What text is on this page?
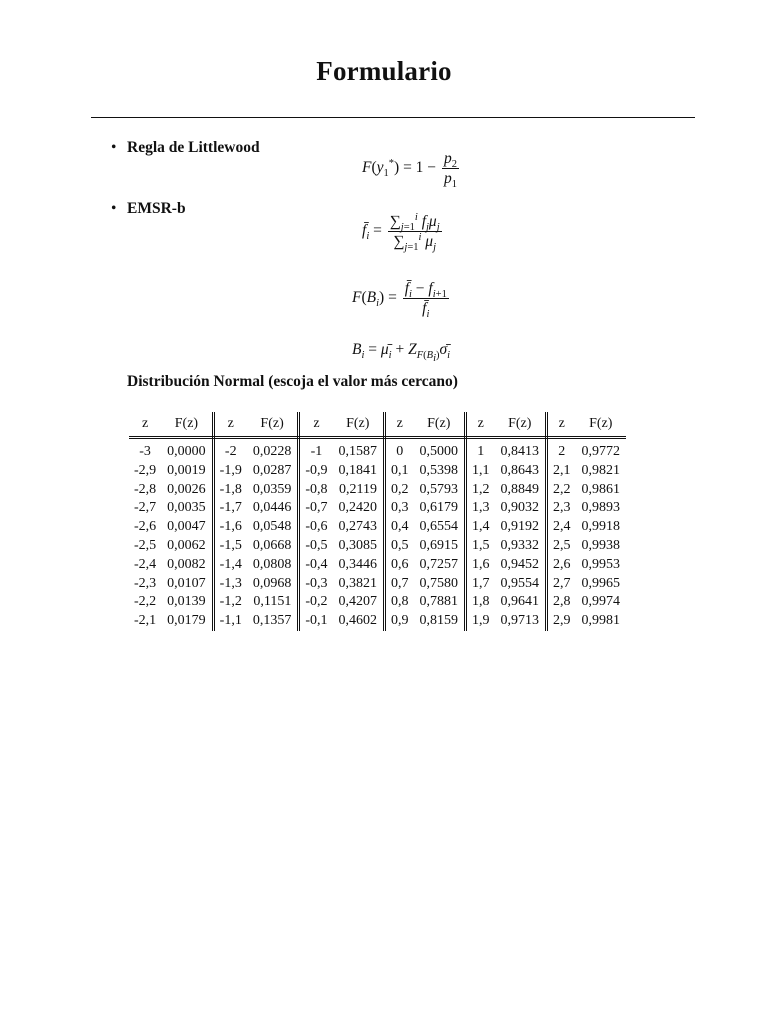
Formulario
• Regla de Littlewood
$F(y_1^*) = 1 - \frac{p_2}{p_1}$
• EMSR-b
$f̄_i = \frac{\sum_{j=1}^i f_j\mu_j}{\sum_{j=1}^i \mu_j}$
$F(B_i) = \frac{f̄_i - f_{i+1}}{f̄_i}$
$B_i$ = $\mū_i$ + $Z_{F(B_i)}\sigmā_i$
Distribución Normal (escoja el valor más cercano)
z	F(z)	z	F(z)	z	F(z)	z	F(z)	z	F(z)	z	F(z)
-3	0,0000	-2	0,0228	-1	0,1587	0	0,5000	1	0,8413	2	0,9772
-2,9	0,0019	-1,9	0,0287	-0,9	0,1841	0,1	0,5398	1,1	0,8643	2,1	0,9821
-2,8	0,0026	-1,8	0,0359	-0,8	0,2119	0,2	0,5793	1,2	0,8849	2,2	0,9861
-2,7	0,0035	-1,7	0,0446	-0,7	0,2420	0,3	0,6179	1,3	0,9032	2,3	0,9893
-2,6	0,0047	-1,6	0,0548	-0,6	0,2743	0,4	0,6554	1,4	0,9192	2,4	0,9918
-2,5	0,0062	-1,5	0,0668	-0,5	0,3085	0,5	0,6915	1,5	0,9332	2,5	0,9938
-2,4	0,0082	-1,4	0,0808	-0,4	0,3446	0,6	0,7257	1,6	0,9452	2,6	0,9953
-2,3	0,0107	-1,3	0,0968	-0,3	0,3821	0,7	0,7580	1,7	0,9554	2,7	0,9965
-2,2	0,0139	-1,2	0,1151	-0,2	0,4207	0,8	0,7881	1,8	0,9641	2,8	0,9974
-2,1	0,0179	-1,1	0,1357	-0,1	0,4602	0,9	0,8159	1,9	0,9713	2,9	0,9981
